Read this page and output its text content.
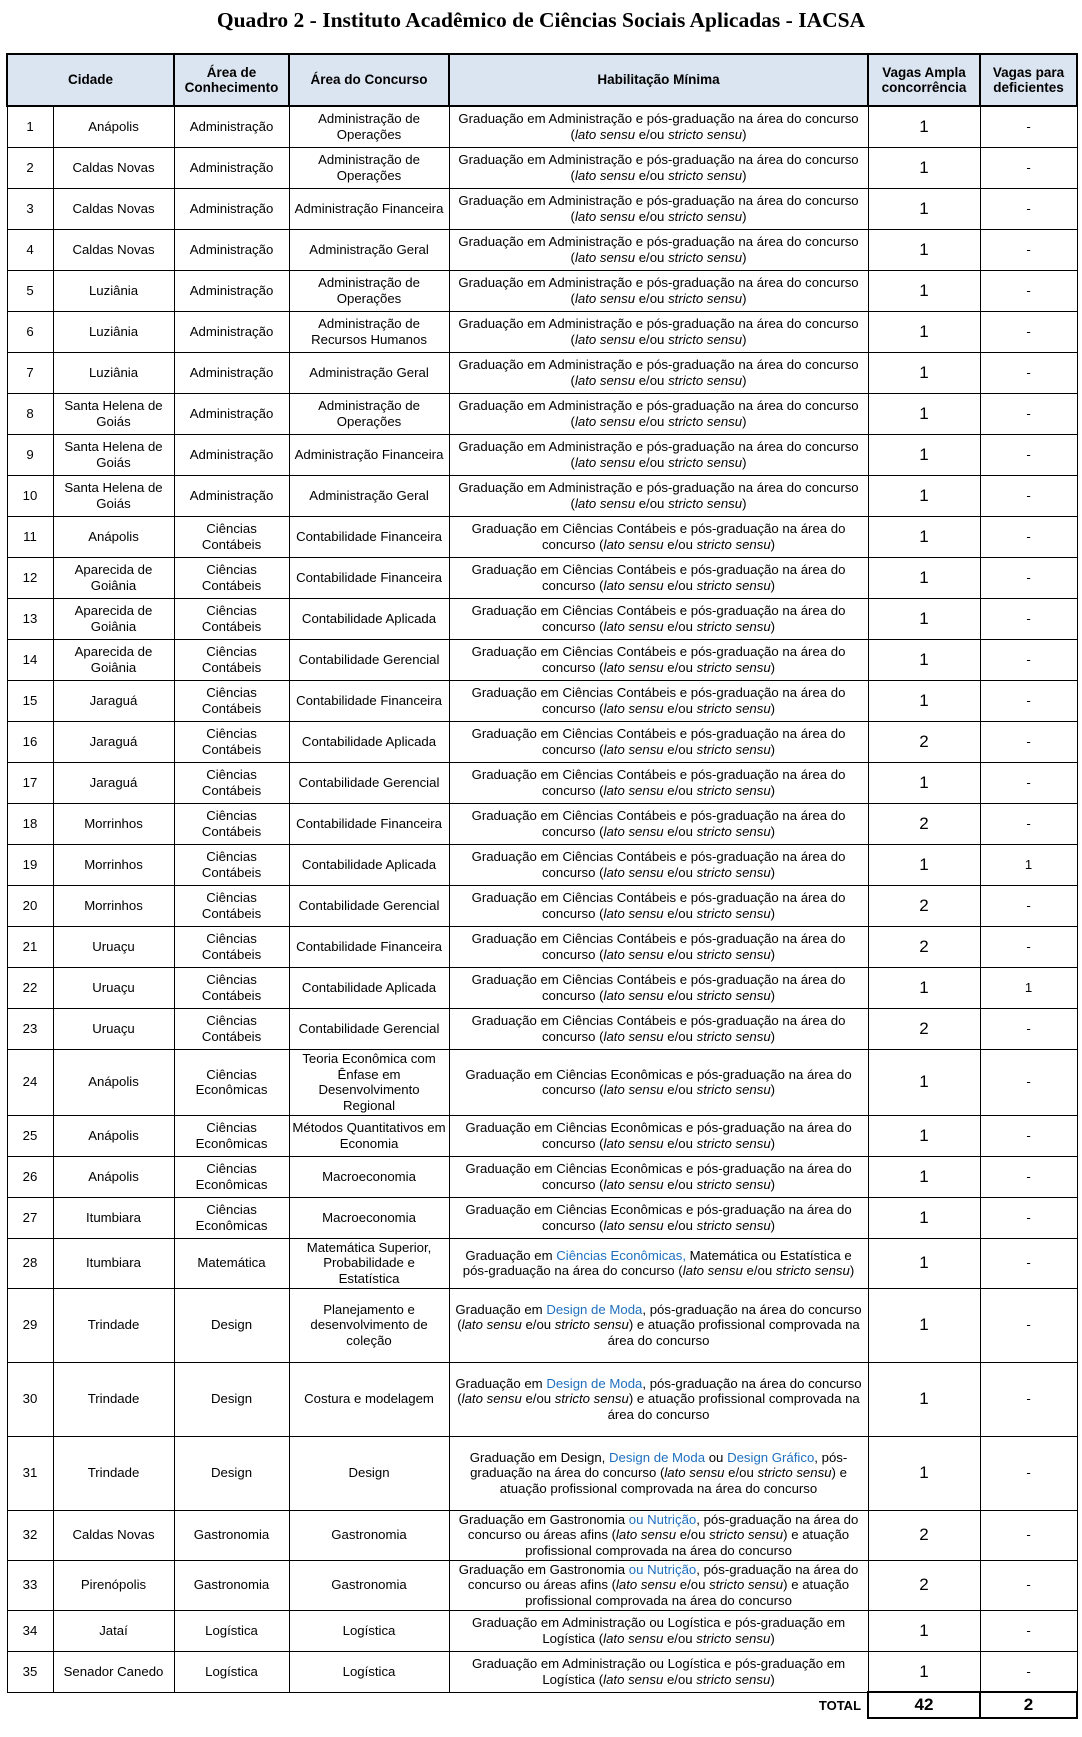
Quadro 2 - Instituto Acadêmico de Ciências Sociais Aplicadas - IACSA
Cidade		Área de Conhecimento	Área do Concurso	Habilitação Mínima	Vagas Ampla concorrência	Vagas para deficientes
1	Anápolis	Administração	Administração de Operações	Graduação em Administração e pós-graduação na área do concurso (lato sensu e/ou stricto sensu)	1	-
2	Caldas Novas	Administração	Administração de Operações	Graduação em Administração e pós-graduação na área do concurso (lato sensu e/ou stricto sensu)	1	-
3	Caldas Novas	Administração	Administração Financeira	Graduação em Administração e pós-graduação na área do concurso (lato sensu e/ou stricto sensu)	1	-
4	Caldas Novas	Administração	Administração Geral	Graduação em Administração e pós-graduação na área do concurso (lato sensu e/ou stricto sensu)	1	-
5	Luziânia	Administração	Administração de Operações	Graduação em Administração e pós-graduação na área do concurso (lato sensu e/ou stricto sensu)	1	-
6	Luziânia	Administração	Administração de Recursos Humanos	Graduação em Administração e pós-graduação na área do concurso (lato sensu e/ou stricto sensu)	1	-
7	Luziânia	Administração	Administração Geral	Graduação em Administração e pós-graduação na área do concurso (lato sensu e/ou stricto sensu)	1	-
8	Santa Helena de Goiás	Administração	Administração de Operações	Graduação em Administração e pós-graduação na área do concurso (lato sensu e/ou stricto sensu)	1	-
9	Santa Helena de Goiás	Administração	Administração Financeira	Graduação em Administração e pós-graduação na área do concurso (lato sensu e/ou stricto sensu)	1	-
10	Santa Helena de Goiás	Administração	Administração Geral	Graduação em Administração e pós-graduação na área do concurso (lato sensu e/ou stricto sensu)	1	-
11	Anápolis	Ciências Contábeis	Contabilidade Financeira	Graduação em Ciências Contábeis e pós-graduação na área do concurso (lato sensu e/ou stricto sensu)	1	-
12	Aparecida de Goiânia	Ciências Contábeis	Contabilidade Financeira	Graduação em Ciências Contábeis e pós-graduação na área do concurso (lato sensu e/ou stricto sensu)	1	-
13	Aparecida de Goiânia	Ciências Contábeis	Contabilidade Aplicada	Graduação em Ciências Contábeis e pós-graduação na área do concurso (lato sensu e/ou stricto sensu)	1	-
14	Aparecida de Goiânia	Ciências Contábeis	Contabilidade Gerencial	Graduação em Ciências Contábeis e pós-graduação na área do concurso (lato sensu e/ou stricto sensu)	1	-
15	Jaraguá	Ciências Contábeis	Contabilidade Financeira	Graduação em Ciências Contábeis e pós-graduação na área do concurso (lato sensu e/ou stricto sensu)	1	-
16	Jaraguá	Ciências Contábeis	Contabilidade Aplicada	Graduação em Ciências Contábeis e pós-graduação na área do concurso (lato sensu e/ou stricto sensu)	2	-
17	Jaraguá	Ciências Contábeis	Contabilidade Gerencial	Graduação em Ciências Contábeis e pós-graduação na área do concurso (lato sensu e/ou stricto sensu)	1	-
18	Morrinhos	Ciências Contábeis	Contabilidade Financeira	Graduação em Ciências Contábeis e pós-graduação na área do concurso (lato sensu e/ou stricto sensu)	2	-
19	Morrinhos	Ciências Contábeis	Contabilidade Aplicada	Graduação em Ciências Contábeis e pós-graduação na área do concurso (lato sensu e/ou stricto sensu)	1	1
20	Morrinhos	Ciências Contábeis	Contabilidade Gerencial	Graduação em Ciências Contábeis e pós-graduação na área do concurso (lato sensu e/ou stricto sensu)	2	-
21	Uruaçu	Ciências Contábeis	Contabilidade Financeira	Graduação em Ciências Contábeis e pós-graduação na área do concurso (lato sensu e/ou stricto sensu)	2	-
22	Uruaçu	Ciências Contábeis	Contabilidade Aplicada	Graduação em Ciências Contábeis e pós-graduação na área do concurso (lato sensu e/ou stricto sensu)	1	1
23	Uruaçu	Ciências Contábeis	Contabilidade Gerencial	Graduação em Ciências Contábeis e pós-graduação na área do concurso (lato sensu e/ou stricto sensu)	2	-
24	Anápolis	Ciências Econômicas	Teoria Econômica com Ênfase em Desenvolvimento Regional	Graduação em Ciências Econômicas e pós-graduação na área do concurso (lato sensu e/ou stricto sensu)	1	-
25	Anápolis	Ciências Econômicas	Métodos Quantitativos em Economia	Graduação em Ciências Econômicas e pós-graduação na área do concurso (lato sensu e/ou stricto sensu)	1	-
26	Anápolis	Ciências Econômicas	Macroeconomia	Graduação em Ciências Econômicas e pós-graduação na área do concurso (lato sensu e/ou stricto sensu)	1	-
27	Itumbiara	Ciências Econômicas	Macroeconomia	Graduação em Ciências Econômicas e pós-graduação na área do concurso (lato sensu e/ou stricto sensu)	1	-
28	Itumbiara	Matemática	Matemática Superior, Probabilidade e Estatística	Graduação em Ciências Econômicas, Matemática ou Estatística e pós-graduação na área do concurso (lato sensu e/ou stricto sensu)	1	-
29	Trindade	Design	Planejamento e desenvolvimento de coleção	Graduação em Design de Moda, pós-graduação na área do concurso (lato sensu e/ou stricto sensu) e atuação profissional comprovada na área do concurso	1	-
30	Trindade	Design	Costura e modelagem	Graduação em Design de Moda, pós-graduação na área do concurso (lato sensu e/ou stricto sensu) e atuação profissional comprovada na área do concurso	1	-
31	Trindade	Design	Design	Graduação em Design, Design de Moda ou Design Gráfico, pós-graduação na área do concurso (lato sensu e/ou stricto sensu) e atuação profissional comprovada na área do concurso	1	-
32	Caldas Novas	Gastronomia	Gastronomia	Graduação em Gastronomia ou Nutrição, pós-graduação na área do concurso ou áreas afins (lato sensu e/ou stricto sensu) e atuação profissional comprovada na área do concurso	2	-
33	Pirenópolis	Gastronomia	Gastronomia	Graduação em Gastronomia ou Nutrição, pós-graduação na área do concurso ou áreas afins (lato sensu e/ou stricto sensu) e atuação profissional comprovada na área do concurso	2	-
34	Jataí	Logística	Logística	Graduação em Administração ou Logística e pós-graduação em Logística (lato sensu e/ou stricto sensu)	1	-
35	Senador Canedo	Logística	Logística	Graduação em Administração ou Logística e pós-graduação em Logística (lato sensu e/ou stricto sensu)	1	-
TOTAL					42	2
